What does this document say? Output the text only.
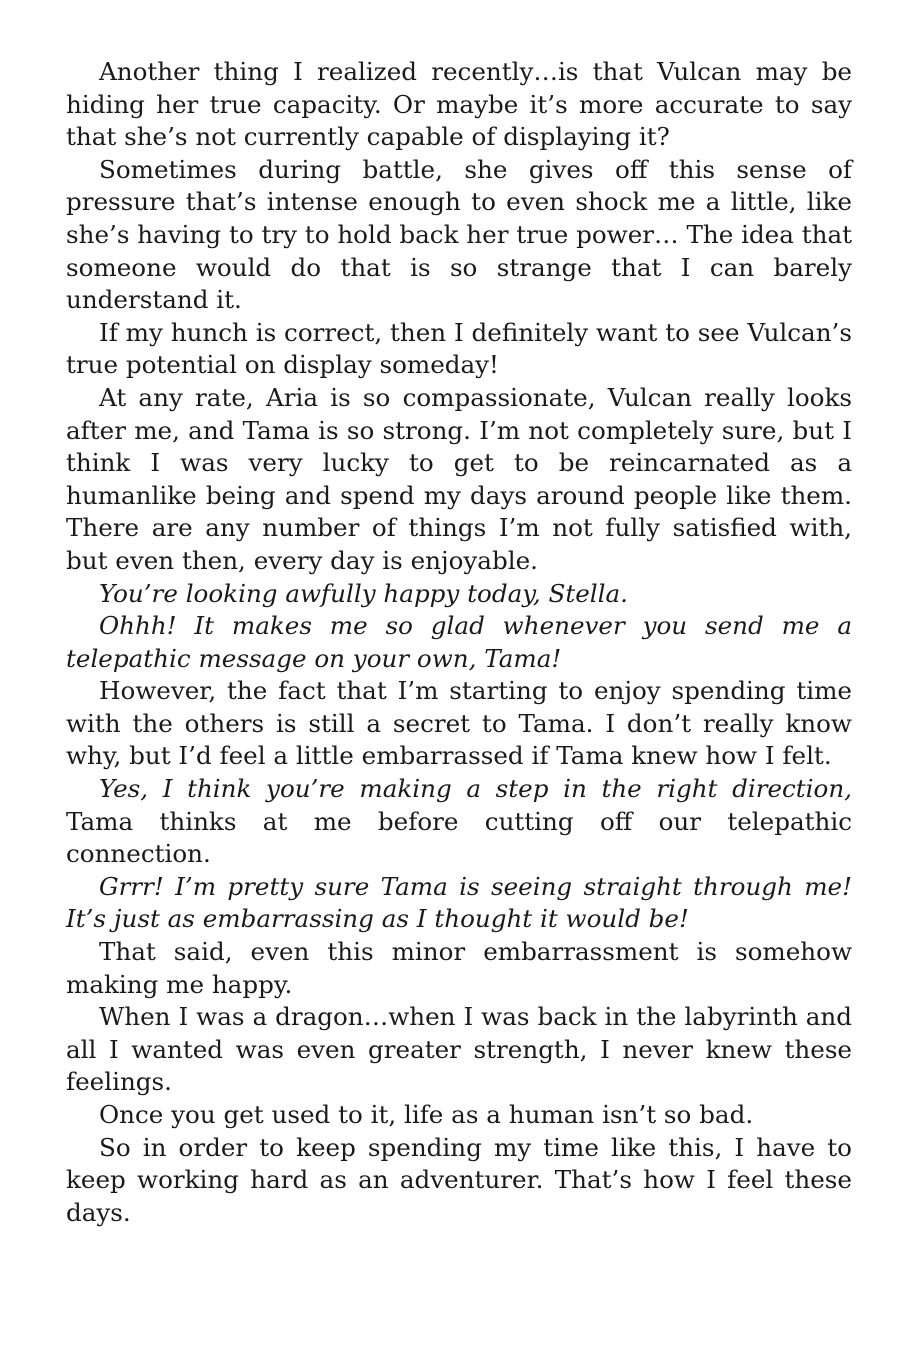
Another thing I realized recently…is that Vulcan may be hiding her true capacity. Or maybe it’s more accurate to say that she’s not currently capable of displaying it?

Sometimes during battle, she gives off this sense of pressure that’s intense enough to even shock me a little, like she’s having to try to hold back her true power… The idea that someone would do that is so strange that I can barely understand it.

If my hunch is correct, then I definitely want to see Vulcan’s true potential on display someday!

At any rate, Aria is so compassionate, Vulcan really looks after me, and Tama is so strong. I’m not completely sure, but I think I was very lucky to get to be reincarnated as a humanlike being and spend my days around people like them. There are any number of things I’m not fully satisfied with, but even then, every day is enjoyable.

You’re looking awfully happy today, Stella.

Ohhh! It makes me so glad whenever you send me a telepathic message on your own, Tama!

However, the fact that I’m starting to enjoy spending time with the others is still a secret to Tama. I don’t really know why, but I’d feel a little embarrassed if Tama knew how I felt.

Yes, I think you’re making a step in the right direction, Tama thinks at me before cutting off our telepathic connection.

Grrr! I’m pretty sure Tama is seeing straight through me! It’s just as embarrassing as I thought it would be!

That said, even this minor embarrassment is somehow making me happy.

When I was a dragon…when I was back in the labyrinth and all I wanted was even greater strength, I never knew these feelings.

Once you get used to it, life as a human isn’t so bad.

So in order to keep spending my time like this, I have to keep working hard as an adventurer. That’s how I feel these days.
